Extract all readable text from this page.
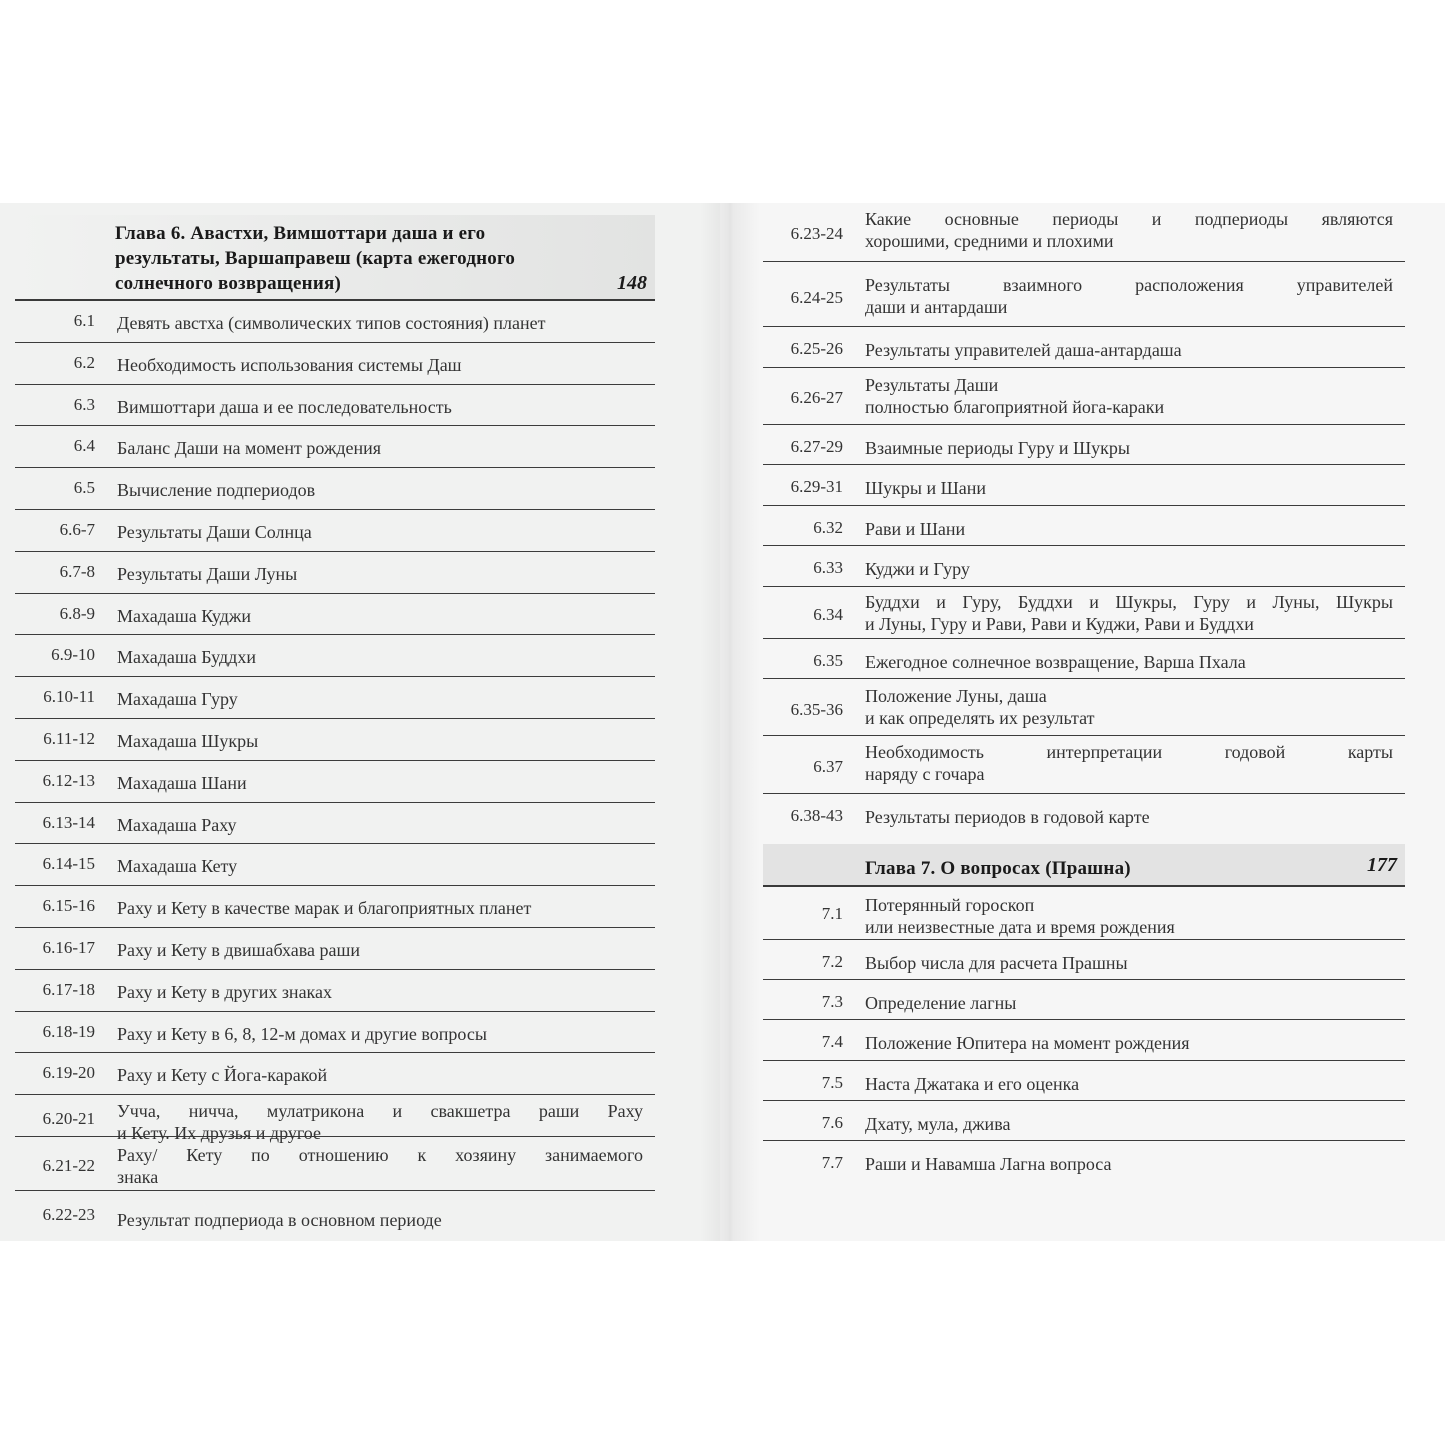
Глава 6. Авастхи, Вимшоттари даша и его результаты, Варшаправеш (карта ежегодного солнечного возвращения)	148
6.1 Девять австха (символических типов состояния) планет
6.2 Необходимость использования системы Даш
6.3 Вимшоттари даша и ее последовательность
6.4 Баланс Даши на момент рождения
6.5 Вычисление подпериодов
6.6-7 Результаты Даши Солнца
6.7-8 Результаты Даши Луны
6.8-9 Махадаша Куджи
6.9-10 Махадаша Буддхи
6.10-11 Махадаша Гуру
6.11-12 Махадаша Шукры
6.12-13 Махадаша Шани
6.13-14 Махадаша Раху
6.14-15 Махадаша Кету
6.15-16 Раху и Кету в качестве марак и благоприятных планет
6.16-17 Раху и Кету в двишабхава раши
6.17-18 Раху и Кету в других знаках
6.18-19 Раху и Кету в 6, 8, 12-м домах и другие вопросы
6.19-20 Раху и Кету с Йога-каракой
6.20-21 Учча, ничча, мулатрикона и свакшетра раши Раху
и Кету. Их друзья и другое
6.21-22
Раху/ Кету по отношению к хозяину занимаемого
знака
6.22-23 Результат подпериода в основном периоде
6.23-24
Какие основные периоды и подпериоды являются
хорошими, средними и плохими
6.24-25
Результаты взаимного расположения управителей
даши и антардаши
6.25-26 Результаты управителей даша-антардаша
6.26-27
Результаты Даши
полностью благоприятной йога-караки
6.27-29 Взаимные периоды Гуру и Шукры
6.29-31 Шукры и Шани
6.32 Рави и Шани
6.33 Куджи и Гуру
6.34
Буддхи и Гуру, Буддхи и Шукры, Гуру и Луны, Шукры
и Луны, Гуру и Рави, Рави и Куджи, Рави и Буддхи
6.35 Ежегодное солнечное возвращение, Варша Пхала
6.35-36
Положение Луны, даша
и как определять их результат
6.37
Необходимость интерпретации годовой карты
наряду с гочара
6.38-43 Результаты периодов в годовой карте
Глава 7. О вопросах (Прашна)	177
7.1 Потерянный гороскоп
или неизвестные дата и время рождения
7.2 Выбор числа для расчета Прашны
7.3 Определение лагны
7.4 Положение Юпитера на момент рождения
7.5 Наста Джатака и его оценка
7.6 Дхату, мула, джива
7.7 Раши и Навамша Лагна вопроса
